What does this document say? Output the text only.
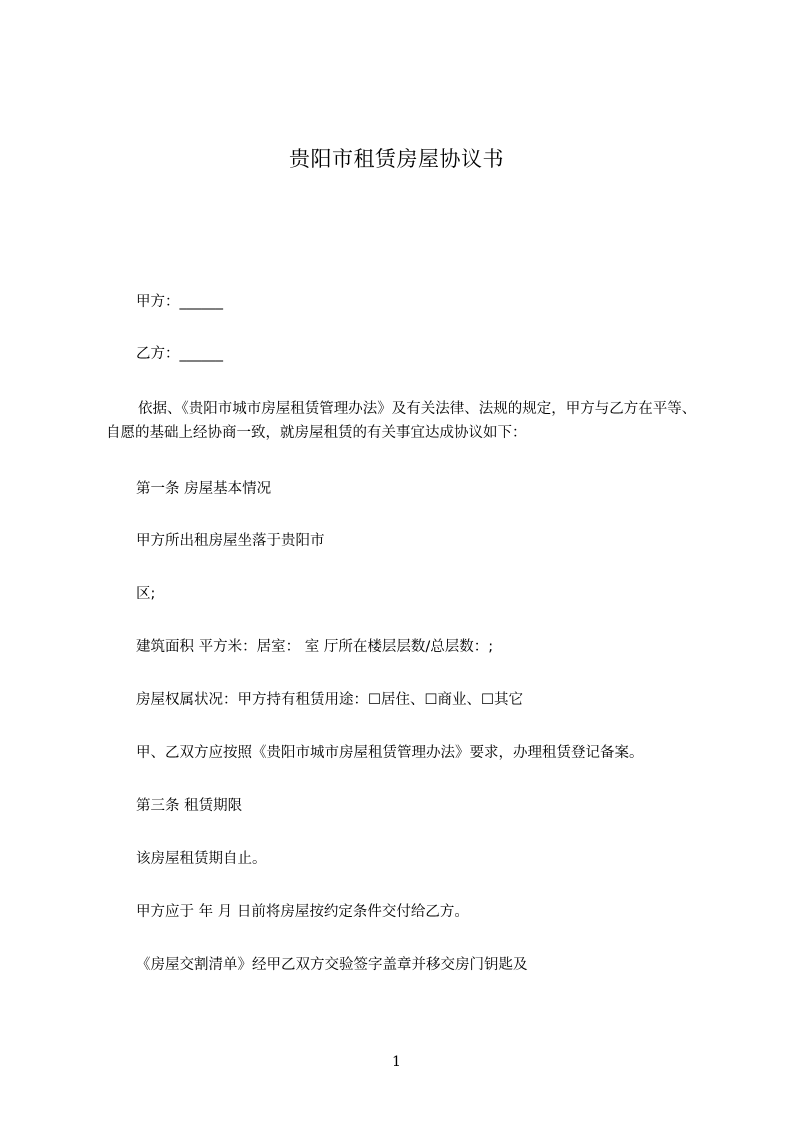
贵阳市租赁房屋协议书
甲方：______
乙方：______
依据、《贵阳市城市房屋租赁管理办法》及有关法律、法规的规定，甲方与乙方在平等、自愿的基础上经协商一致，就房屋租赁的有关事宜达成协议如下：
第一条 房屋基本情况
甲方所出租房屋坐落于贵阳市
区;
建筑面积 平方米：居室： 室 厅所在楼层层数/总层数：;
房屋权属状况：甲方持有租赁用途：☐居住、☐商业、☐其它
甲、乙双方应按照《贵阳市城市房屋租赁管理办法》要求，办理租赁登记备案。
第三条 租赁期限
该房屋租赁期自止。
甲方应于 年 月 日前将房屋按约定条件交付给乙方。
《房屋交割清单》经甲乙双方交验签字盖章并移交房门钥匙及
1
